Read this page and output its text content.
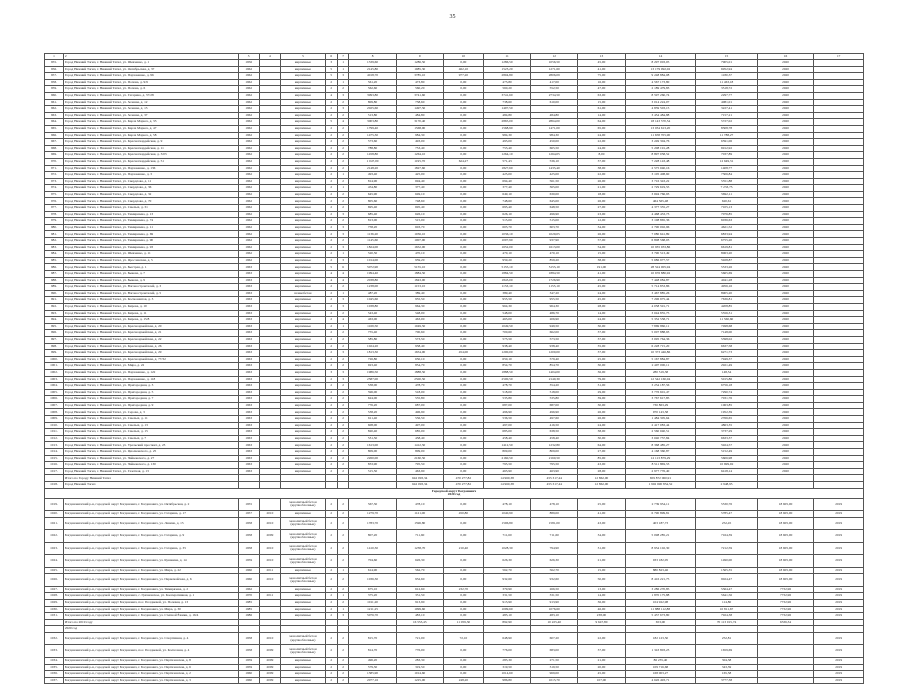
35
1	2	3	4	5	6	7	8	9	10	11	12	13	14	15	16	17
955.	Город Нижний Тагил, г. Нижний Тагил, ул. Шевченко, д. 1	1956		кирпичные	3	1	1339,60	1286,50	0,00	1286,50	1056,50	45,00	8 297 003,05	7905,01	2020	
956.	Город Нижний Тагил, г. Нижний Тагил, ул. Октябрьская, д. 37	1962		кирпичные	5	1	2145,80	1985,30	462,10	1523,20	1271,60	41,00	13 179 092,02	6952,94	2020	
957.	Город Нижний Тагил, г. Нижний Тагил, ул. Пархоменко, д. 96	1962		кирпичные	5	3	4018,70	3785,10	977,20	2804,80	2806,09	75,00	9 248 884,08	1180,37	2020	
958.	Город Нижний Тагил, г. Нижний Тагил, ул. Попова, д. 9/9	1962		кирпичные	2	1	561,20	473,80	0,00	473,80	417,00	16,00	4 567 173,80	11 463,18	2020	
959.	Город Нижний Тагил, г. Нижний Тагил, ул. Попова, д. 6	1962		кирпичные	2	2	562,60	560,20	0,00	560,20	552,50	47,00	2 189 479,83	3518,72	2020	
960.	Город Нижний Тагил, г. Нижний Тагил, ул. Гагарина, д. 37/28	1962		кирпичные	4	3	3993,80	3741,60	0,00	3741,60	2734,50	63,00	8 597 260,74	2297,77	2020	
961.	Город Нижний Тагил, г. Нижний Тагил, ул. Зеленая, д. 12	1962		кирпичные	2	2	809,80	738,60	0,00	738,60	610,00	15,00	3 014 224,07	4081,01	2020	
962.	Город Нижний Тагил, г. Нижний Тагил, ул. Зеленая, д. 13	1962		кирпичные	2	3	2025,60	1497,50	0,00	1497,50		61,00	4 839 503,15	3227,41	2020	
963.	Город Нижний Тагил, г. Нижний Тагил, ул. Зеленая, д. 37	1962		кирпичные	2	2	513,80	484,80	0,00	484,80	484,80	14,00	3 454 484,88	7157,21	2020	
964.	Город Нижний Тагил, г. Нижний Тагил, ул. Карла Маркса, д. 33	1962		кирпичные	5	4	3003,80	3170,40	0,00	2865,00	2864,00	64,00	18 143 570,54	5727,02	2020	
965.	Город Нижний Тагил, г. Нижний Тагил, ул. Карла Маркса, д. 47	1962		кирпичные	2	2	1799,40	1568,90	0,00	1568,90	1471,00	65,00	13 034 613,20	8308,78	2020	
966.	Город Нижний Тагил, г. Нижний Тагил, ул. Карла Маркса, д. 58	1962		кирпичные	2	2	1475,30	984,30	0,00	984,30	984,30	24,00	11 658 705,90	11 788,27	2020	
967.	Город Нижний Тагил, г. Нижний Тагил, ул. Красногвардейская, д. 9	1962		кирпичные	2	2	573,60	493,00	0,00	493,00	450,00	22,00	3 249 304,76	6591,06	2020	
968.	Город Нижний Тагил, г. Нижний Тагил, ул. Красногвардейская, д. 11	1962		кирпичные	2	2	788,80	753,40	0,00	753,40	665,50	24,00	5 208 191,28	6912,92	2020	
969.	Город Нижний Тагил, г. Нижний Тагил, ул. Красногвардейская, д. 3/03	1962		кирпичные	2	2	1458,80	1264,10	0,00	1264,10	1264,05	8,00	8 897 058,52	7037,89	2020	
970.	Город Нижний Тагил, г. Нижний Тагил, ул. Красногвардейская, д. 51	1962		кирпичные	2	2	1 047,00	1195,70	624,27	571,43	536,10	37,00	7 228 143,48	12 649,31	2020	
971.	Город Нижний Тагил, г. Нижний Тагил, ул. Пархоменко, д. 136	1962		кирпичные	2	2	2148,20	1827,60	0,00	1827,60	1435,40	38,00	2 575 040,16	1408,77	2020	
972.	Город Нижний Тагил, г. Нижний Тагил, ул. Пархоменко, д. 3	1962		кирпичные	2	1	493,40	425,00	0,00	425,00	425,00	22,00	3 105 408,60	7306,84	2020	
973.	Город Нижний Тагил, г. Нижний Тагил, ул. Свердлова, д. 11	1962		кирпичные	2	2	814,90	694,40	0,00	694,40	561,50	26,00	3 716 343,22	5351,88	2020	
974.	Город Нижний Тагил, г. Нижний Тагил, ул. Свердлова, д. 36	1962		кирпичные	2	1	454,80	377,40	0,00	377,40	365,00	21,00	2 729 619,55	7 233,75	2020	
975.	Город Нижний Тагил, г. Нижний Тагил, ул. Свердлова, д. 32	1962		кирпичные	2	2	645,90	649,10	0,00	649,10	630,00	18,00	3 694 766,93	5692,11	2020	
976.	Город Нижний Тагил, г. Нижний Тагил, ул. Свердлова, д. 70	1962		кирпичные	2	2	805,60	748,60	0,00	748,60	645,00	26,00	464 565,48	620,61	2020	
977.	Город Нижний Тагил, г. Нижний Тагил, ул. Смелых, д. 31	1962		кирпичные	2	2	695,40	695,40	0,00	695,40	648,50	27,00	4 377 355,27	7105,13	2020	
978.	Город Нижний Тагил, г. Нижний Тагил, ул. Тимирязева, д. 13	1962		кирпичные	2	3	685,40	626,10	0,00	626,10	496,90	23,00	4 468 433,73	7076,85	2020	
979.	Город Нижний Тагил, г. Нижний Тагил, ул. Тимирязева, д. 74	1962		кирпичные	2	2	813,00	515,00	0,00	515,00	515,00	12,00	3 108 865,36	6036,63	2020	
980.	Город Нижний Тагил, г. Нижний Тагил, ул. Тимирязева, д. 11	1962		кирпичные	2	3	758,20	603,70	0,00	603,70	603,70	34,00	2 790 002,96	4621,52	2020	
981.	Город Нижний Тагил, г. Нижний Тагил, ул. Тимирязева, д. 69	1962		кирпичные	2	3	1136,20	1036,10	0,00	1036,10	1029,05	26,00	7 080 641,89	6833,94	2020	
982.	Город Нижний Тагил, г. Нижний Тагил, ул. Тимирязева, д. 90	1962		кирпичные	2	2	1145,60	1007,90	0,00	1007,90	937,90	57,00	6 808 568,03	6755,20	2020	
983.	Город Нижний Тагил, г. Нижний Тагил, ул. Тимирязева, д. 93	1962		кирпичные	2	3	1824,00	1652,00	0,00	1652,00	1613,00	54,00	10 935 933,86	6619,81	2020	
984.	Город Нижний Тагил, г. Нижний Тагил, ул. Шевченко, д. 11	1962		кирпичные	2	1	520,50	470,10	0,00	470,10	470,10	15,00	3 790 513,49	8063,20	2020	
985.	Город Нижний Тагил, г. Нижний Тагил, ул. Ярославская, д. 5	1962		кирпичные	2	3	1014,00	959,20	0,00	959,20	859,20	38,00	5 686 977,57	5928,87	2020	
986.	Город Нижний Тагил, г. Нижний Тагил, ул. Быстрая, д. 1	1963		кирпичные	5	6	5072,90	5155,10	0,00	5155,10	5155,10	191,00	28 524 005,94	5533,26	2020	
987.	Город Нижний Тагил, г. Нижний Тагил, ул. Быкова, д. 7	1963		кирпичные	4	4	1994,40	1884,50	0,00	1884,50	1884,50	41,00	10 676 880,92	5665,69	2020	
988.	Город Нижний Тагил, г. Нижний Тагил, ул. Быкова, д. 9	1963		кирпичные	4	4	2038,80	1843,00	0,00	1843,00	1726,90	45,00	7 448 084,87	4041,28	2020	
989.	Город Нижний Тагил, г. Нижний Тагил, ул. Вагоностроителей, д. 3	1963		кирпичные	2	2	1238,00	1153,10	0,00	1153,10	1153,10	45,00	5 714 853,86	4956,16	2020	
990.	Город Нижний Тагил, г. Нижний Тагил, ул. Вагоностроителей, д. 5	1963		шлакобетон	2	1	487,20	389,40	0,00	389,40	347,20	24,00	3 467 885,26	8905,20	2020	
991.	Город Нижний Тагил, г. Нижний Тагил, ул. Космонавтов, д. 3	1963		кирпичные	2	3	1045,60	955,50	0,00	955,50	955,50	45,00	7 296 975,44	7636,81	2020	
992.	Город Нижний Тагил, г. Нижний Тагил, ул. Кирова, д. 10	1963		кирпичные	2	3	1038,80	964,30	0,00	964,30	964,30	28,00	4 058 591,71	4208,85	2020	
993.	Город Нижний Тагил, г. Нижний Тагил, ул. Кирова, д. 11	1963		кирпичные	2	2	543,40	548,00	0,00	548,00	486,70	14,00	3 044 855,75	5556,31	2020	
994.	Город Нижний Тагил, г. Нижний Тагил, ул. Кирова, д. 15/8	1963		кирпичные	2	4	463,00	463,00	0,00	463,00	206,90	24,00	5 352 558,71	11 560,60	2020	
995.	Город Нижний Тагил, г. Нижний Тагил, ул. Красноармейская, д. 20	1963		кирпичные	2	1	1169,50	1049,50	0,00	1049,50	949,50	30,00	7 869 860,11	7498,68	2020	
996.	Город Нижний Тагил, г. Нижний Тагил, ул. Красноармейская, д. 21	1963		кирпичные	2	2	755,40	700,60	0,00	700,60	662,00	37,00	5 007 888,93	7148,00	2020	
997.	Город Нижний Тагил, г. Нижний Тагил, ул. Красноармейская, д. 22	1963		кирпичные	2	2	585,80	573,50	0,00	573,50	573,50	37,00	3 095 764,36	5398,02	2020	
998.	Город Нижний Тагил, г. Нижний Тагил, ул. Красноармейская, д. 26	1963		кирпичные	2	2	1024,20	938,40	0,00	938,40	938,40	35,00	6 228 715,20	6637,58	2020	
999.	Город Нижний Тагил, г. Нижний Тагил, ул. Красноармейская, д. 29	1963		кирпичные	2	3	1813,30	1654,00	454,00	1200,00	1200,00	37,00	10 373 446,86	6271,73	2020	
1000.	Город Нижний Тагил, г. Нижний Тагил, ул. Красноармейская, д. 77/32	1963		кирпичные	2	2	726,80	650,10	0,00	650,10	579,40	25,00	5 167 884,87	7949,37	2020	
1001.	Город Нижний Тагил, г. Нижний Тагил, ул. Мира, д. 22	1963		кирпичные	2	2	923,40	854,70	0,00	854,70	854,70	30,00	2 497 000,11	2921,49	2020	
1002.	Город Нижний Тагил, г. Нижний Тагил, ул. Пархоменко, д. 122	1963		кирпичные	3	3	1986,50	1888,50	0,00	1888,50	1404,00	36,00	280 519,38	148,54	2020	
1003.	Город Нижний Тагил, г. Нижний Тагил, ул. Пархоменко, д. 118	1963		кирпичные	2	3	2587,00	2500,50	0,00	2500,50	2140,30	79,00	12 542 160,04	5015,86	2020	
1004.	Город Нижний Тагил, г. Нижний Тагил, ул. Пригородная, д. 3	1963		кирпичные	2	2	538,00	478,70	0,00	478,70	354,20	31,00	3 234 187,56	6756,18	2020	
1005.	Город Нижний Тагил, г. Нижний Тагил, ул. Пригородная, д. 5	1963		кирпичные	2	2	596,00	518,00	0,00	518,00	518,00	29,00	3 776 601,47	7290,74	2020	
1006.	Город Нижний Тагил, г. Нижний Тагил, ул. Пригородная, д. 7	1963		кирпичные	2	2	624,00	535,80	0,00	535,80	535,80	39,00	3 767 617,85	7031,76	2020	
1007.	Город Нижний Тагил, г. Нижний Тагил, ул. Пригородная, д. 9	1963		кирпичные	2	2	776,20	687,00	0,00	687,00	687,00	30,00	730 863,29	1063,85	2020	
1008.	Город Нижний Тагил, г. Нижний Тагил, ул. Серова, д. 3	1963		кирпичные	2	2	538,20	496,90	0,00	496,90	496,90	26,00	970 143,58	1952,39	2020	
1009.	Город Нижний Тагил, г. Нижний Тагил, ул. Смелых, д. 11	1963		кирпичные	2	2	611,40	536,50	0,00	536,50	497,60	26,00	1 484 305,64	2766,65	2020	
1010.	Город Нижний Тагил, г. Нижний Тагил, ул. Смелых, д. 13	1963		кирпичные	2	2	608,00	497,00	0,00	497,00	416,50	24,00	2 417 083,44	4863,35	2020	
1011.	Город Нижний Тагил, г. Нижний Тагил, ул. Смелых, д. 15	1963		кирпичные	2	2	820,40	685,00	0,00	685,00	638,50	38,00	2 560 040,51	3737,29	2020	
1012.	Город Нижний Тагил, г. Нижний Тагил, ул. Смелых, д. 7	1963		кирпичные	2	2	531,50	458,40	0,00	458,40	458,40	30,00	3 040 737,84	6633,37	2020	
1013.	Город Нижний Тагил, г. Нижний Тагил, ул. Уральский проспект, д. 23	1963		кирпичные	2	2	1613,00	1412,50	0,00	1412,50	1232,80	64,00	8 368 485,27	5924,57	2020	
1014.	Город Нижний Тагил, г. Нижний Тагил, ул. Циолковского, д. 25	1963		кирпичные	2	2	809,00	809,00	0,00	809,00	809,00	27,00	4 168 360,87	5152,49	2020	
1015.	Город Нижний Тагил, г. Нижний Тагил, ул. Чайковского, д. 27	1963		кирпичные	2	2	2260,00	2160,50	0,00	2160,50	2160,50	85,00	12 113 879,29	5606,98	2020	
1016.	Город Нижний Тагил, г. Нижний Тагил, ул. Чайковского, д. 130	1963		кирпичные	2	2	833,90	795,50	0,00	795,50	795,50	43,00	8 511 869,33	10 699,92	2020	
1017.	Город Нижний Тагил, г. Нижний Тагил, ул. Газетная, д. 13	1963		кирпичные	2	2	515,50	463,90	0,00	463,90	463,90	28,00	2 977 776,40	6418,14	2020	
	Итого по Городу Нижний Тагил							642 093,34	470 277,82	14 960,38	455 317,44	12 862,00	659 872 060,91			
1018.	Город Нижний Тагил							642 093,34	470 277,82	14 960,38	455 317,44	12 862,00	1 902 690 834,52	2 948,95		
Городской округ Богданович
2020 год																
1019.	Богдановичский р-н, городской округ Богданович, г. Богданович, ул. Октябрьская, д. 2	1955		монолитный бетон (крупноблочные)	2	2	567,30	478,10	0,00	478,10	478,10	25,00	2 739 954,11	5530,76	18 605,00	2019
1020.	Богдановичский р-н, городской округ Богданович, г. Богданович, ул. Гагарина, д. 17	1957	2010	кирпичные	2	2	1279,70	1121,00	450,80	1040,90	889,00	41,00	6 790 899,81	5785,47	18 605,00	2019
1021.	Богдановичский р-н, городской округ Богданович, г. Богданович, ул. Ленина, д. 15	1958	2010	монолитный бетон (крупноблочные)	2	2	1783,70	1596,80	0,00	1596,80	1581,00	43,00	403 187,73	252,45	18 605,00	2019
1022.	Богдановичский р-н, городской округ Богданович, г. Богданович, ул. Гагарина, д. 9	1958	2009	монолитный бетон (крупноблочные)	2	2	807,20	711,60	0,00	711,60	711,60	34,00	5 098 285,21	7164,39	18 605,00	2019
1023.	Богдановичский р-н, городской округ Богданович, г. Богданович, ул. Гагарина, д. 35	1958	2010	монолитный бетон (крупноблочные)	2	2	1410,30	1238,70	210,40	1028,30	794,90	31,00	8 934 102,30	7212,59	18 605,00	2019
1024.	Богдановичский р-н, городской округ Богданович, г. Богданович, ул. Кунавина, д. 14	1959	2010	монолитный бетон (крупноблочные)	2	2	704,60	626,30	0,00	626,30	626,30	21,00	933 182,05	1490,00	18 605,00	2019
1025.	Богдановичский р-н, городской округ Богданович, г. Богданович, ул. Мира, д. 22	1960	2011	кирпичные	2	1	614,90	562,70	0,00	562,70	562,70	15,00	880 823,46	1565,35	18 605,00	2019
1026.	Богдановичский р-н, городской округ Богданович, г. Богданович, ул. Первомайская, д. 6	1960	2010	монолитный бетон (крупноблочные)	2	2	1036,30	932,60	0,00	932,60	932,60	50,00	8 416 221,75	9024,47	18 605,00	2019
1027.	Богдановичский р-н, городской округ Богданович, г. Богданович, ул. Тимирязева, д. 2	1962		кирпичные	2	2	675,10	612,60	232,70	379,90	266,50	13,00	3 286 270,85	5364,47	7732,96	2019
1028.	Богдановичский р-н, городской округ Богданович, с. Грязновское, ул. Кооперативная, д. 1	1970	2011	кирпичные	2	1	375,20	331,50	0,00	331,50	331,50	14,00	1 870 175,88	5641,56	7732,96	2019
1029.	Богдановичский р-н, городской округ Богданович, пос. Полдневой, ул. Полевая, д. 13	1985		кирпичные	2	2	1011,20	913,90	0,00	913,90	913,90	36,00	104 922,98	114,80	7732,96	2019
1030.	Богдановичский р-н, городской округ Богданович, г. Богданович, ул. Мира, д. 30	1985		кирпичные	2	1	1211,25	1099,60	0,00	1099,60	1076,60	46,00	11 888 112,88	10 811,67	7732,96	2019
1031.	Богдановичский р-н, городской округ Богданович, г. Богданович, ул. Степной Ёжики, д. 16/4	1986		кирпичные	2	3	5076,70	483,10	0,00	483,10	483,10	238,00	5 437 673,80	7924,38	7732,96	2019
	Итого по 2019 году							16 553,45	11 059,30	892,90	10 225,40	9 647,80	653,00	70 113 015,74	6336,34	
	2020 год															
1032.	Богдановичский р-н, городской округ Богданович, г. Богданович, ул. Спортивная, д. 4	1958	2010	монолитный бетон (крупноблочные)	2	2	815,70	721,00	72,10	648,90	607,20	22,00	182 123,50	252,81		2019
1033.	Богдановичский р-н, городской округ Богданович, пос. Полдневой, ул. Колхозная, д. 4	1958	2009	монолитный бетон (крупноблочные)	2	2	814,70	776,00	0,00	776,00	683,00	37,00	1 343 803,23	1659,69		2019
1034.	Богдановичский р-н, городской округ Богданович, г. Богданович, ул. Партизанская, д. 8	1959	2009	кирпичные	2	2	496,20	283,30	0,00	283,30	271,50	21,00	86 235,40	304,38		2019
1035.	Богдановичский р-н, городской округ Богданович, г. Богданович, ул. Партизанская, д. 6	1959	2009	кирпичные	2	2	579,30	319,50	0,00	319,50	319,50	20,00	109 716,68	343,39		2019
1036.	Богдановичский р-н, городской округ Богданович, г. Богданович, ул. Партизанская, д. 2	1960	2009	кирпичные	2	2	1385,90	1014,60	0,00	1014,60	969,00	45,00	168 003,27	165,58		2019
1037.	Богдановичский р-н, городской округ Богданович, г. Богданович, ул. Партизанская, д. 3	1960	2009	кирпичные	2	2	2077,16	1225,00	248,20	986,80	1015,70	107,00	4 626 493,71	3777,38		2019
